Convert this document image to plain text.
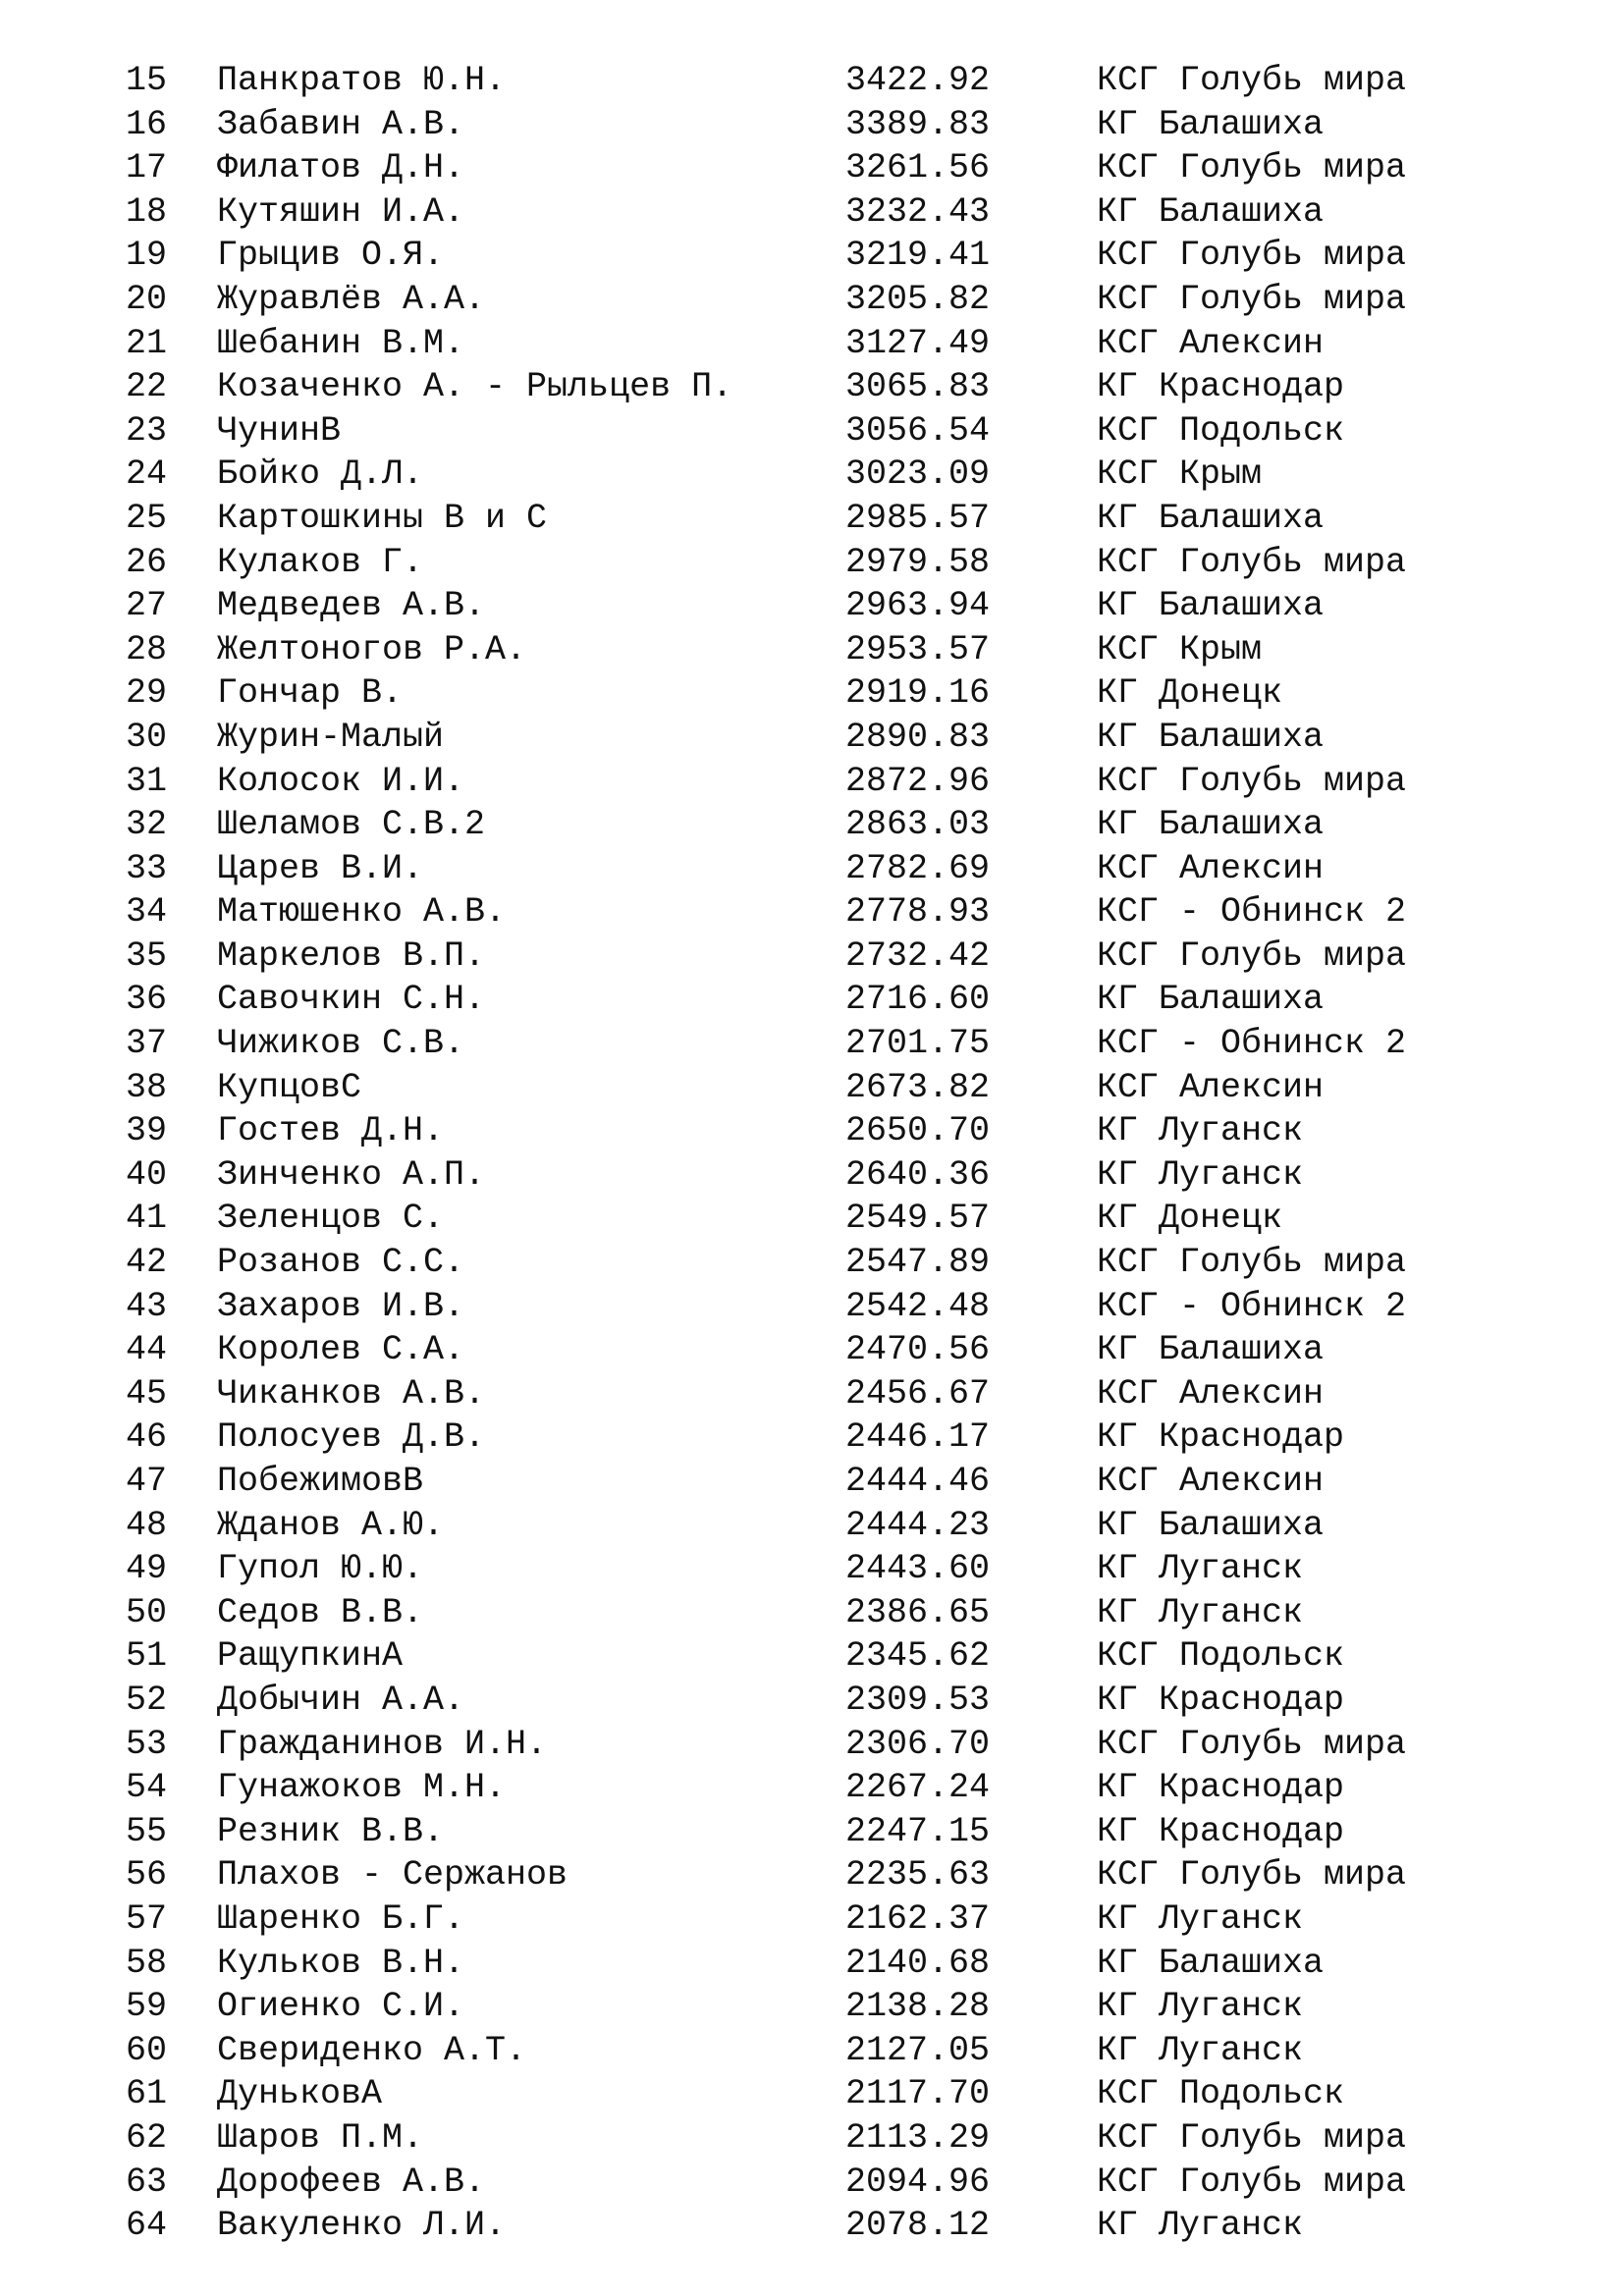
15 Панкратов Ю.Н.	3422.92	КСГ Голубь мира
16 Забавин А.В.	3389.83	КГ Балашиха
17 Филатов Д.Н.	3261.56	КСГ Голубь мира
18 Кутяшин И.А.	3232.43	КГ Балашиха
19 Грыцив О.Я.	3219.41	КСГ Голубь мира
20 Журавлёв А.А.	3205.82	КСГ Голубь мира
21 Шебанин В.М.	3127.49	КСГ Алексин
22 Козаченко А. - Рыльцев П.	3065.83	КГ Краснодар
23 ЧунинВ	3056.54	КСГ Подольск
24 Бойко Д.Л.	3023.09	КСГ Крым
25 Картошкины В и С	2985.57	КГ Балашиха
26 Кулаков Г.	2979.58	КСГ Голубь мира
27 Медведев А.В.	2963.94	КГ Балашиха
28 Желтоногов Р.А.	2953.57	КСГ Крым
29 Гончар В.	2919.16	КГ Донецк
30 Журин-Малый	2890.83	КГ Балашиха
31 Колосок И.И.	2872.96	КСГ Голубь мира
32 Шеламов С.В.2	2863.03	КГ Балашиха
33 Царев В.И.	2782.69	КСГ Алексин
34 Матюшенко А.В.	2778.93	КСГ - Обнинск 2
35 Маркелов В.П.	2732.42	КСГ Голубь мира
36 Савочкин С.Н.	2716.60	КГ Балашиха
37 Чижиков С.В.	2701.75	КСГ - Обнинск 2
38 КупцовС	2673.82	КСГ Алексин
39 Гостев Д.Н.	2650.70	КГ Луганск
40 Зинченко А.П.	2640.36	КГ Луганск
41 Зеленцов С.	2549.57	КГ Донецк
42 Розанов С.С.	2547.89	КСГ Голубь мира
43 Захаров И.В.	2542.48	КСГ - Обнинск 2
44 Королев С.А.	2470.56	КГ Балашиха
45 Чиканков А.В.	2456.67	КСГ Алексин
46 Полосуев Д.В.	2446.17	КГ Краснодар
47 ПобежимовВ	2444.46	КСГ Алексин
48 Жданов А.Ю.	2444.23	КГ Балашиха
49 Гупол Ю.Ю.	2443.60	КГ Луганск
50 Седов В.В.	2386.65	КГ Луганск
51 РащупкинА	2345.62	КСГ Подольск
52 Добычин А.А.	2309.53	КГ Краснодар
53 Гражданинов И.Н.	2306.70	КСГ Голубь мира
54 Гунажоков М.Н.	2267.24	КГ Краснодар
55 Резник В.В.	2247.15	КГ Краснодар
56 Плахов - Сержанов	2235.63	КСГ Голубь мира
57 Шаренко Б.Г.	2162.37	КГ Луганск
58 Кульков В.Н.	2140.68	КГ Балашиха
59 Огиенко С.И.	2138.28	КГ Луганск
60 Свериденко А.Т.	2127.05	КГ Луганск
61 ДуньковА	2117.70	КСГ Подольск
62 Шаров П.М.	2113.29	КСГ Голубь мира
63 Дорофеев А.В.	2094.96	КСГ Голубь мира
64 Вакуленко Л.И.	2078.12	КГ Луганск
